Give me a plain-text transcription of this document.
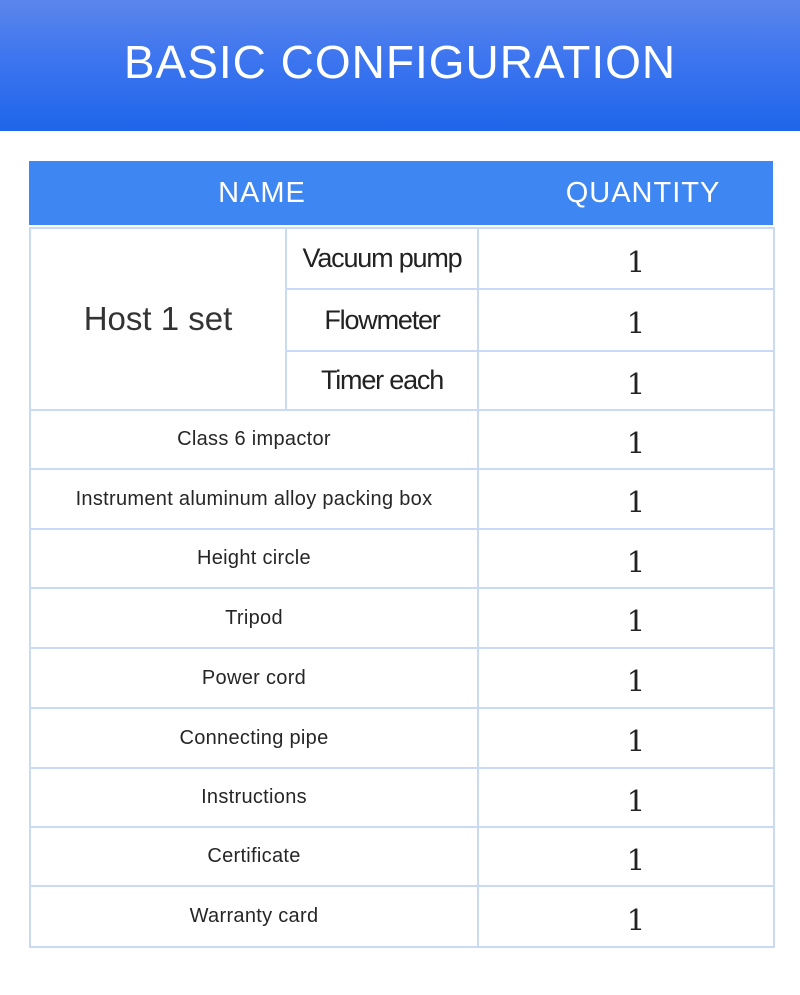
BASIC CONFIGURATION
NAME	QUANTITY
Host 1 set	Vacuum pump	1
	Flowmeter	1
	Timer each	1
Class 6 impactor		1
Instrument aluminum alloy packing box		1
Height circle		1
Tripod		1
Power cord		1
Connecting pipe		1
Instructions		1
Certificate		1
Warranty card		1
